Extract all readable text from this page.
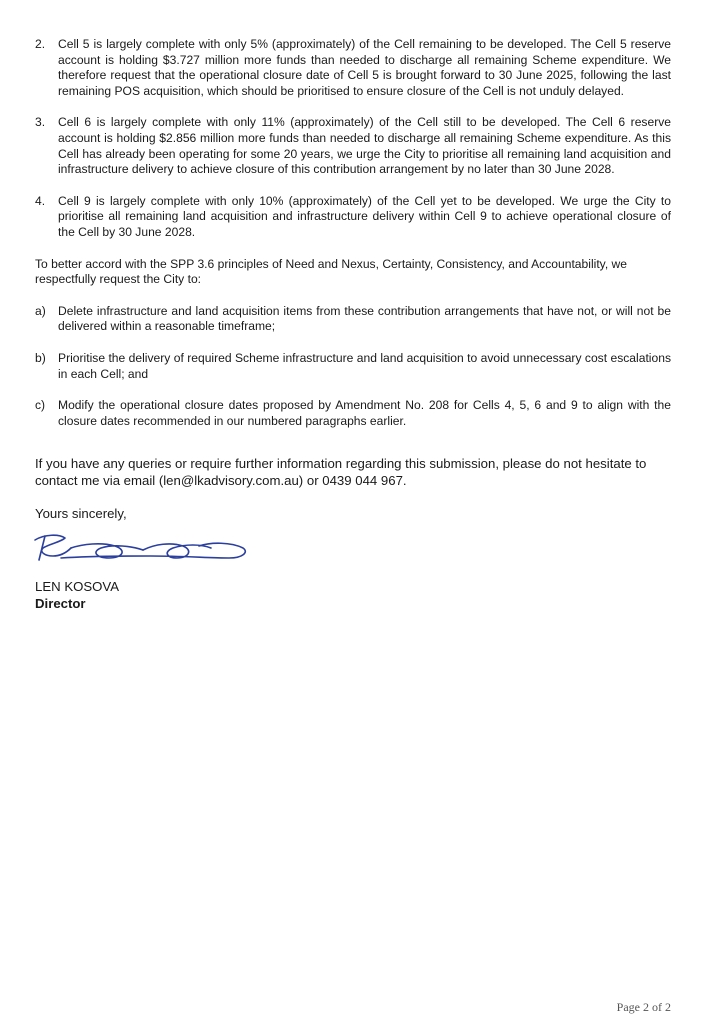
2.	Cell 5 is largely complete with only 5% (approximately) of the Cell remaining to be developed. The Cell 5 reserve account is holding $3.727 million more funds than needed to discharge all remaining Scheme expenditure. We therefore request that the operational closure date of Cell 5 is brought forward to 30 June 2025, following the last remaining POS acquisition, which should be prioritised to ensure closure of the Cell is not unduly delayed.
3.	Cell 6 is largely complete with only 11% (approximately) of the Cell still to be developed. The Cell 6 reserve account is holding $2.856 million more funds than needed to discharge all remaining Scheme expenditure. As this Cell has already been operating for some 20 years, we urge the City to prioritise all remaining land acquisition and infrastructure delivery to achieve closure of this contribution arrangement by no later than 30 June 2028.
4.	Cell 9 is largely complete with only 10% (approximately) of the Cell yet to be developed. We urge the City to prioritise all remaining land acquisition and infrastructure delivery within Cell 9 to achieve operational closure of the Cell by 30 June 2028.

To better accord with the SPP 3.6 principles of Need and Nexus, Certainty, Consistency, and Accountability, we respectfully request the City to:

a)	Delete infrastructure and land acquisition items from these contribution arrangements that have not, or will not be delivered within a reasonable timeframe;
b)	Prioritise the delivery of required Scheme infrastructure and land acquisition to avoid unnecessary cost escalations in each Cell; and
c)	Modify the operational closure dates proposed by Amendment No. 208 for Cells 4, 5, 6 and 9 to align with the closure dates recommended in our numbered paragraphs earlier.

If you have any queries or require further information regarding this submission, please do not hesitate to contact me via email (len@lkadvisory.com.au) or 0439 044 967.

Yours sincerely,

LEN KOSOVA

Director

Page 2 of 2
